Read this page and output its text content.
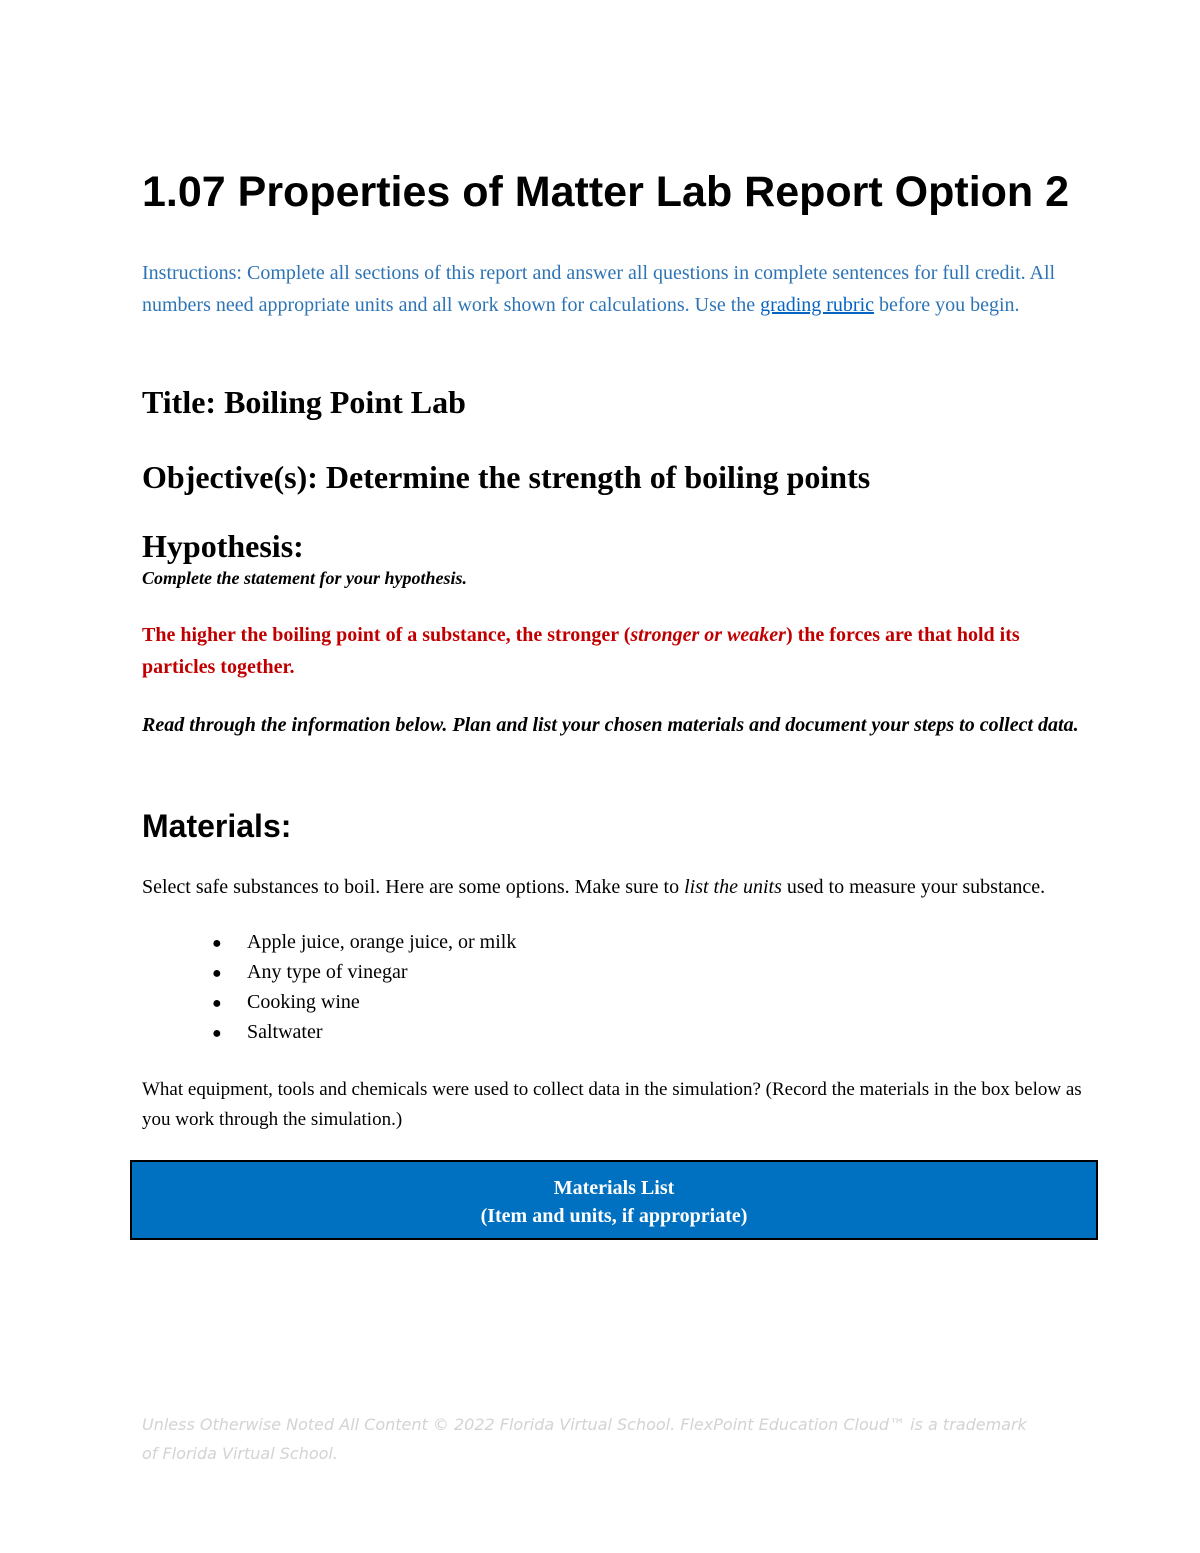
1.07 Properties of Matter Lab Report Option 2

Instructions: Complete all sections of this report and answer all questions in complete sentences for full credit. All numbers need appropriate units and all work shown for calculations. Use the grading rubric before you begin.

Title: Boiling Point Lab
Objective(s): Determine the strength of boiling points
Hypothesis:

Complete the statement for your hypothesis.

The higher the boiling point of a substance, the stronger (stronger or weaker) the forces are that hold its particles together.

Read through the information below. Plan and list your chosen materials and document your steps to collect data.

Materials:

Select safe substances to boil. Here are some options. Make sure to list the units used to measure your substance.

● Apple juice, orange juice, or milk
● Any type of vinegar
● Cooking wine
● Saltwater

What equipment, tools and chemicals were used to collect data in the simulation? (Record the materials in the box below as you work through the simulation.)

Materials List
(Item and units, if appropriate)

Unless Otherwise Noted All Content © 2022 Florida Virtual School. FlexPoint Education Cloud™ is a trademark of Florida Virtual School.
